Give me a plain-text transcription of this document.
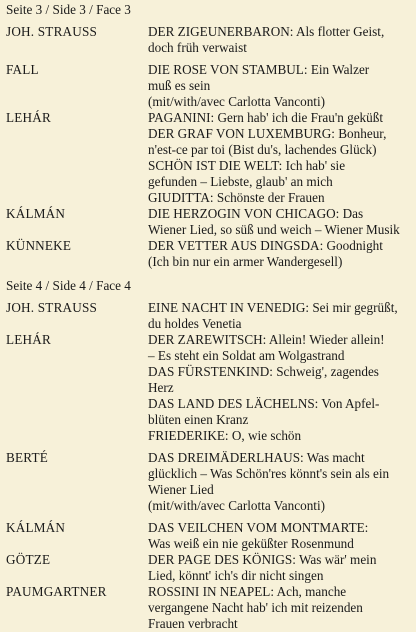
Seite 3 / Side 3 / Face 3
JOH. STRAUSS	DER ZIGEUNERBARON: Als flotter Geist,
doch früh verwaist
FALL	DIE ROSE VON STAMBUL: Ein Walzer
muß es sein
(mit/with/avec Carlotta Vanconti)
LEHÁR	PAGANINI: Gern hab' ich die Frau'n geküßt
DER GRAF VON LUXEMBURG: Bonheur,
n'est-ce par toi (Bist du's, lachendes Glück)
SCHÖN IST DIE WELT: Ich hab' sie
gefunden – Liebste, glaub' an mich
GIUDITTA: Schönste der Frauen
KÁLMÁN	DIE HERZOGIN VON CHICAGO: Das
Wiener Lied, so süß und weich – Wiener Musik
KÜNNEKE	DER VETTER AUS DINGSDA: Goodnight
(Ich bin nur ein armer Wandergesell)
Seite 4 / Side 4 / Face 4
JOH. STRAUSS	EINE NACHT IN VENEDIG: Sei mir gegrüßt,
du holdes Venetia
LEHÁR	DER ZAREWITSCH: Allein! Wieder allein!
– Es steht ein Soldat am Wolgastrand
DAS FÜRSTENKIND: Schweig', zagendes
Herz
DAS LAND DES LÄCHELNS: Von Apfel-
blüten einen Kranz
FRIEDERIKE: O, wie schön
BERTÉ	DAS DREIMÄDERLHAUS: Was macht
glücklich – Was Schön'res könnt's sein als ein
Wiener Lied
(mit/with/avec Carlotta Vanconti)
KÁLMÁN	DAS VEILCHEN VOM MONTMARTE:
Was weiß ein nie geküßter Rosenmund
GÖTZE	DER PAGE DES KÖNIGS: Was wär' mein
Lied, könnt' ich's dir nicht singen
PAUMGARTNER	ROSSINI IN NEAPEL: Ach, manche
vergangene Nacht hab' ich mit reizenden
Frauen verbracht
